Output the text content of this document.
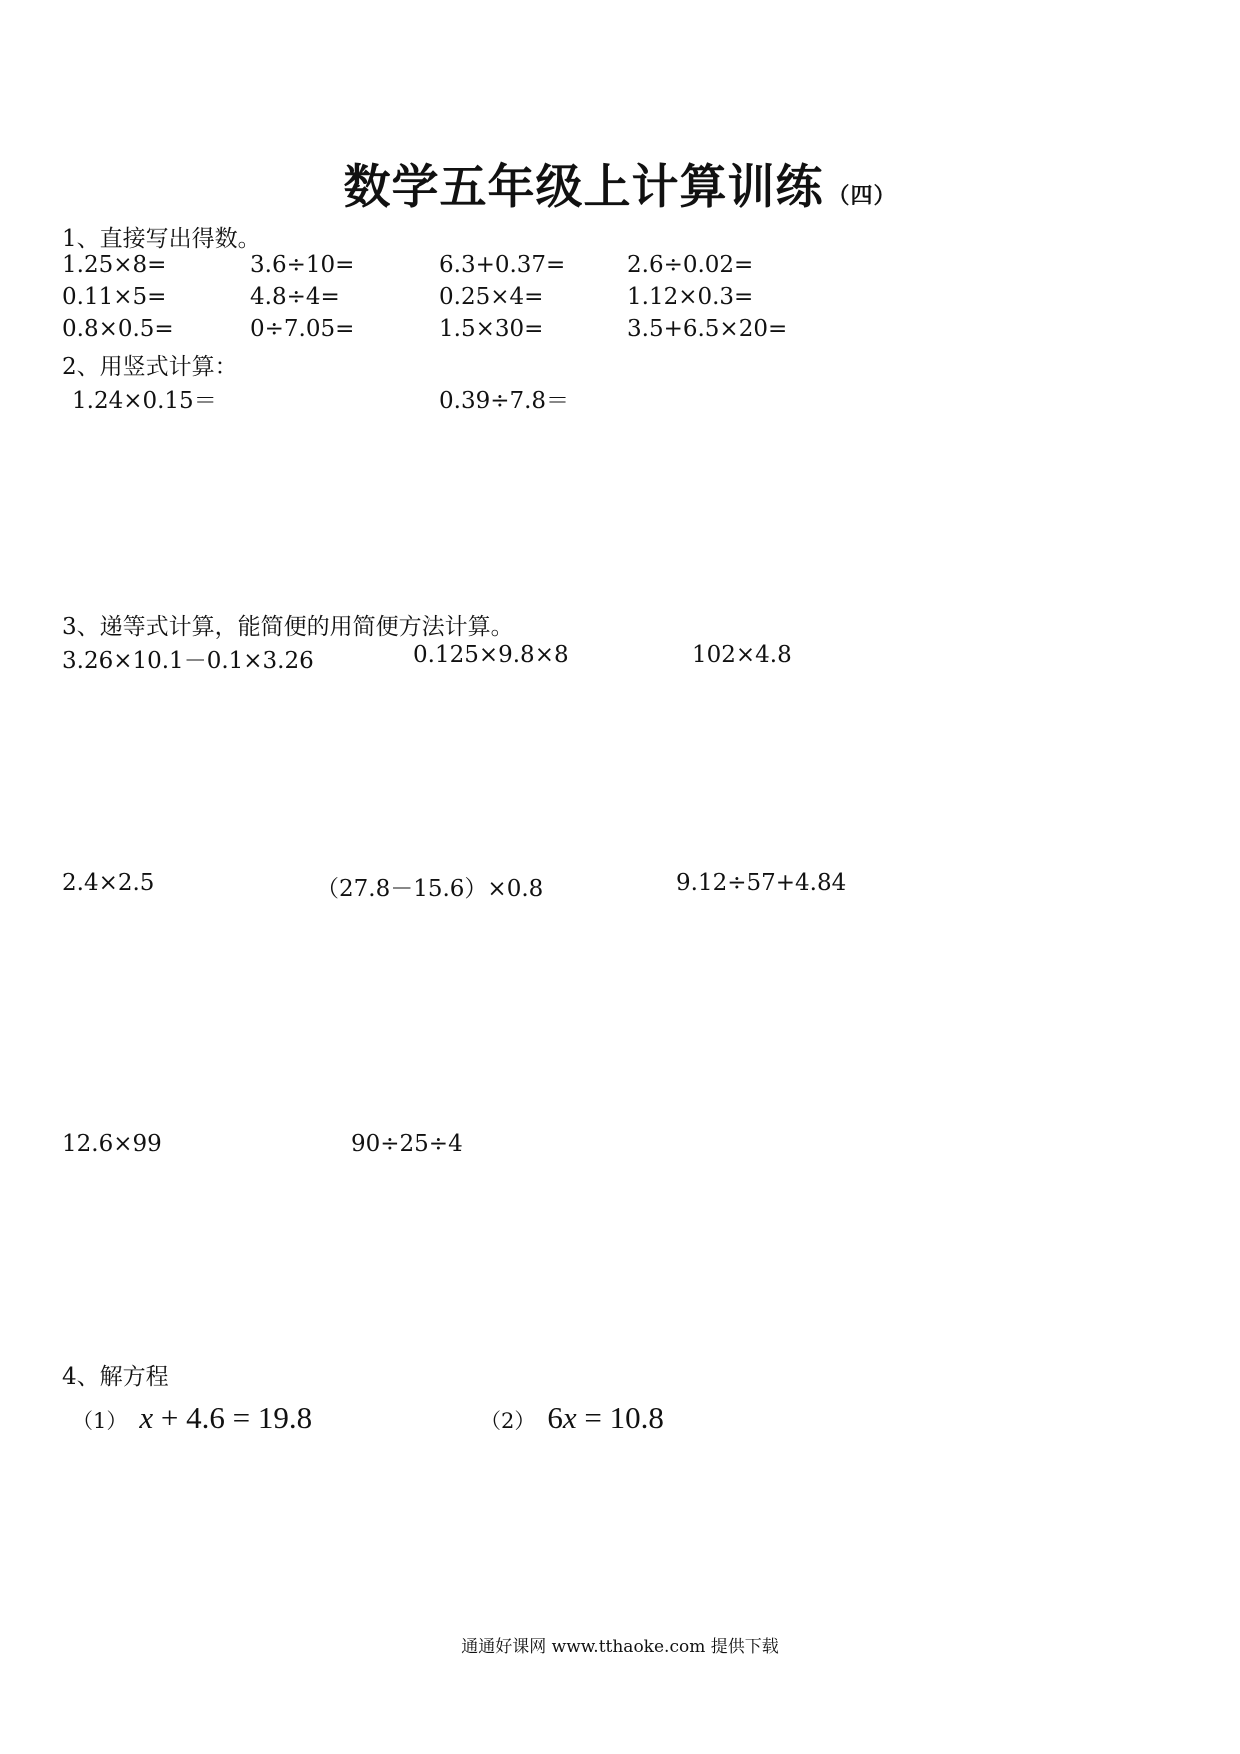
数学五年级上计算训练 （四）
1、直接写出得数。
1.25×8=	3.6÷10=	6.3+0.37=	2.6÷0.02=
0.11×5=	4.8÷4=	0.25×4=	1.12×0.3=
0.8×0.5=	0÷7.05=	1.5×30=	3.5+6.5×20=
2、用竖式计算：
1.24×0.15＝	0.39÷7.8＝
3、递等式计算，能简便的用简便方法计算。
3.26×10.1－0.1×3.26	0.125×9.8×8	102×4.8
2.4×2.5	（27.8－15.6）×0.8	9.12÷57+4.84
12.6×99	90÷25÷4
4、解方程
（1） x + 4.6 = 19.8	（2） 6x = 10.8
通通好课网 www.tthaoke.com 提供下载
